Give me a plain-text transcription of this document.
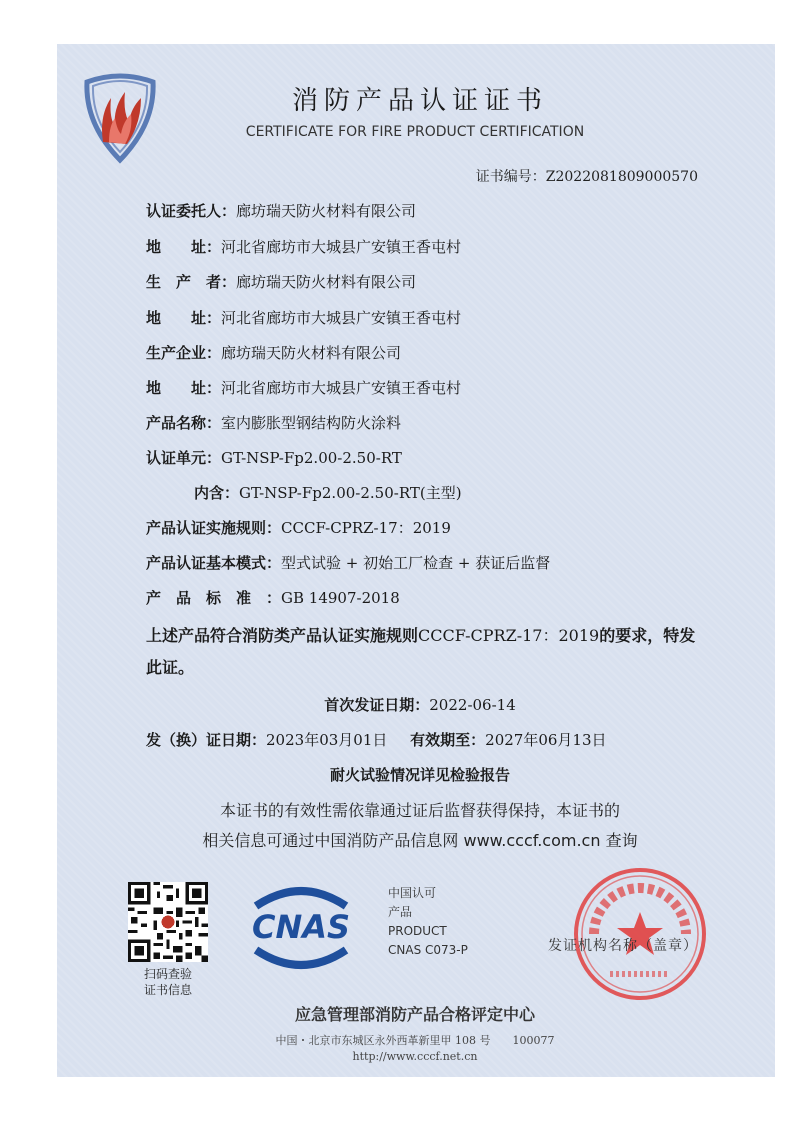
消防产品认证证书
CERTIFICATE FOR FIRE PRODUCT CERTIFICATION
证书编号：Z2022081809000570
认证委托人：廊坊瑞天防火材料有限公司
地　　址：河北省廊坊市大城县广安镇王香屯村
生　产　者：廊坊瑞天防火材料有限公司
地　　址：河北省廊坊市大城县广安镇王香屯村
生产企业：廊坊瑞天防火材料有限公司
地　　址：河北省廊坊市大城县广安镇王香屯村
产品名称：室内膨胀型钢结构防火涂料
认证单元：GT-NSP-Fp2.00-2.50-RT
内含：GT-NSP-Fp2.00-2.50-RT(主型)
产品认证实施规则：CCCF-CPRZ-17：2019
产品认证基本模式：型式试验 + 初始工厂检查 + 获证后监督
产　品　标　准　：GB 14907-2018
上述产品符合消防类产品认证实施规则CCCF-CPRZ-17：2019的要求，特发此证。
首次发证日期：2022-06-14
发（换）证日期：2023年03月01日 有效期至：2027年06月13日
耐火试验情况详见检验报告
本证书的有效性需依靠通过证后监督获得保持，本证书的
相关信息可通过中国消防产品信息网 www.cccf.com.cn 查询
扫码查验
证书信息
CNAS
中国认可
产品
PRODUCT
CNAS C073-P	发证机构名称（盖章）
应急管理部消防产品合格评定中心
中国・北京市东城区永外西革新里甲 108 号　　100077
http://www.cccf.net.cn
